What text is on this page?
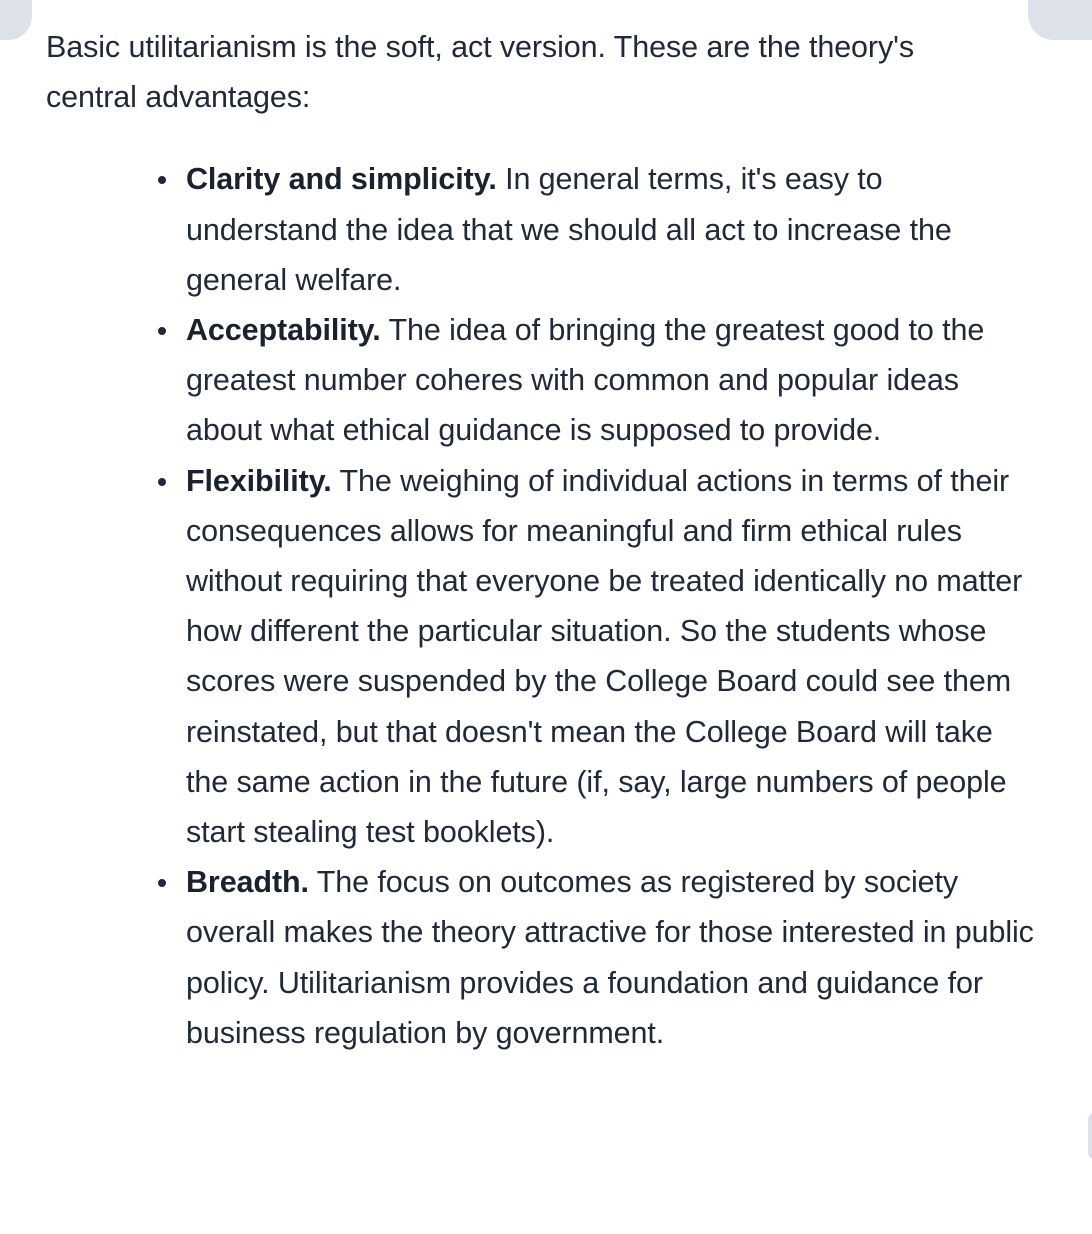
Basic utilitarianism is the soft, act version. These are the theory's central advantages:

Clarity and simplicity. In general terms, it's easy to understand the idea that we should all act to increase the general welfare.
Acceptability. The idea of bringing the greatest good to the greatest number coheres with common and popular ideas about what ethical guidance is supposed to provide.
Flexibility. The weighing of individual actions in terms of their consequences allows for meaningful and firm ethical rules without requiring that everyone be treated identically no matter how different the particular situation. So the students whose scores were suspended by the College Board could see them reinstated, but that doesn't mean the College Board will take the same action in the future (if, say, large numbers of people start stealing test booklets).
Breadth. The focus on outcomes as registered by society overall makes the theory attractive for those interested in public policy. Utilitarianism provides a foundation and guidance for business regulation by government.
